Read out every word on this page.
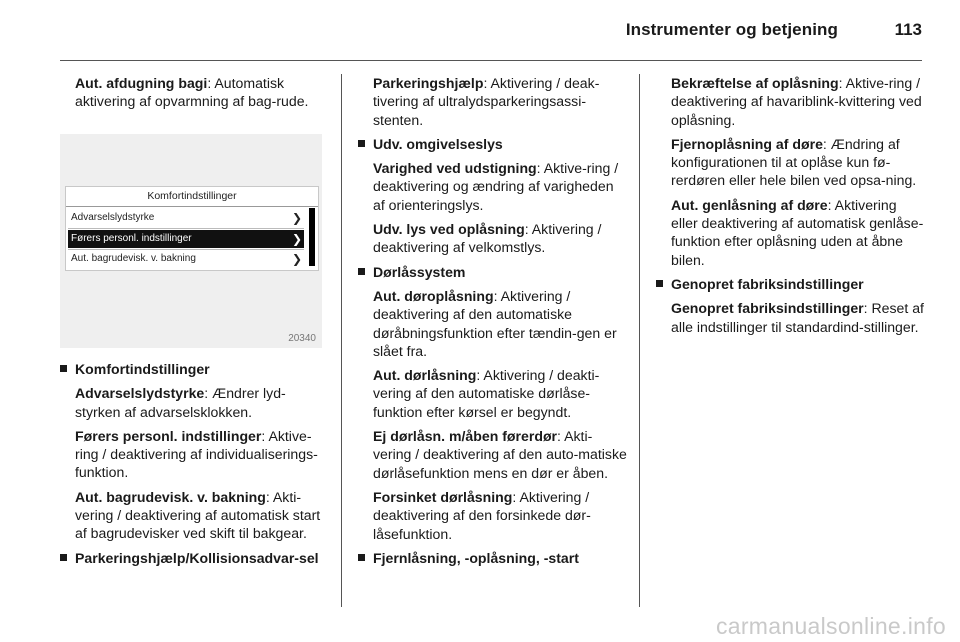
Instrumenter og betjening	113

Aut. afdugning bagi: Automatisk aktivering af opvarmning af bag-rude.

Komfortindstillinger
Advarselslydstyrke	❯
Førers personl. indstillinger	❯
Aut. bagrudevisk. v. bakning	❯
20340
Komfortindstillinger

Advarselslydstyrke: Ændrer lyd-styrken af advarselsklokken.

Førers personl. indstillinger: Aktive-ring / deaktivering af individualiserings-funktion.

Aut. bagrudevisk. v. bakning: Akti-vering / deaktivering af automatisk start af bagrudevisker ved skift til bakgear.

Parkeringshjælp/Kollisionsadvar-sel

Parkeringshjælp: Aktivering / deak-tivering af ultralydsparkeringsassi-stenten.

Udv. omgivelseslys

Varighed ved udstigning: Aktive-ring / deaktivering og ændring af varigheden af orienteringslys.

Udv. lys ved oplåsning: Aktivering / deaktivering af velkomstlys.

Dørlåssystem

Aut. døroplåsning: Aktivering / deaktivering af den automatiske døråbningsfunktion efter tændin-gen er slået fra.

Aut. dørlåsning: Aktivering / deakti-vering af den automatiske dørlåse-funktion efter kørsel er begyndt.

Ej dørlåsn. m/åben førerdør: Akti-vering / deaktivering af den auto-matiske dørlåsefunktion mens en dør er åben.

Forsinket dørlåsning: Aktivering / deaktivering af den forsinkede dør-låsefunktion.

Fjernlåsning, -oplåsning, -start

Bekræftelse af oplåsning: Aktive-ring / deaktivering af havariblink-kvittering ved oplåsning.

Fjernoplåsning af døre: Ændring af konfigurationen til at oplåse kun fø-rerdøren eller hele bilen ved opsa-ning.

Aut. genlåsning af døre: Aktivering eller deaktivering af automatisk genlåse-funktion efter oplåsning uden at åbne bilen.

Genopret fabriksindstillinger

Genopret fabriksindstillinger: Reset af alle indstillinger til standardind-stillinger.

carmanualsonline.info
